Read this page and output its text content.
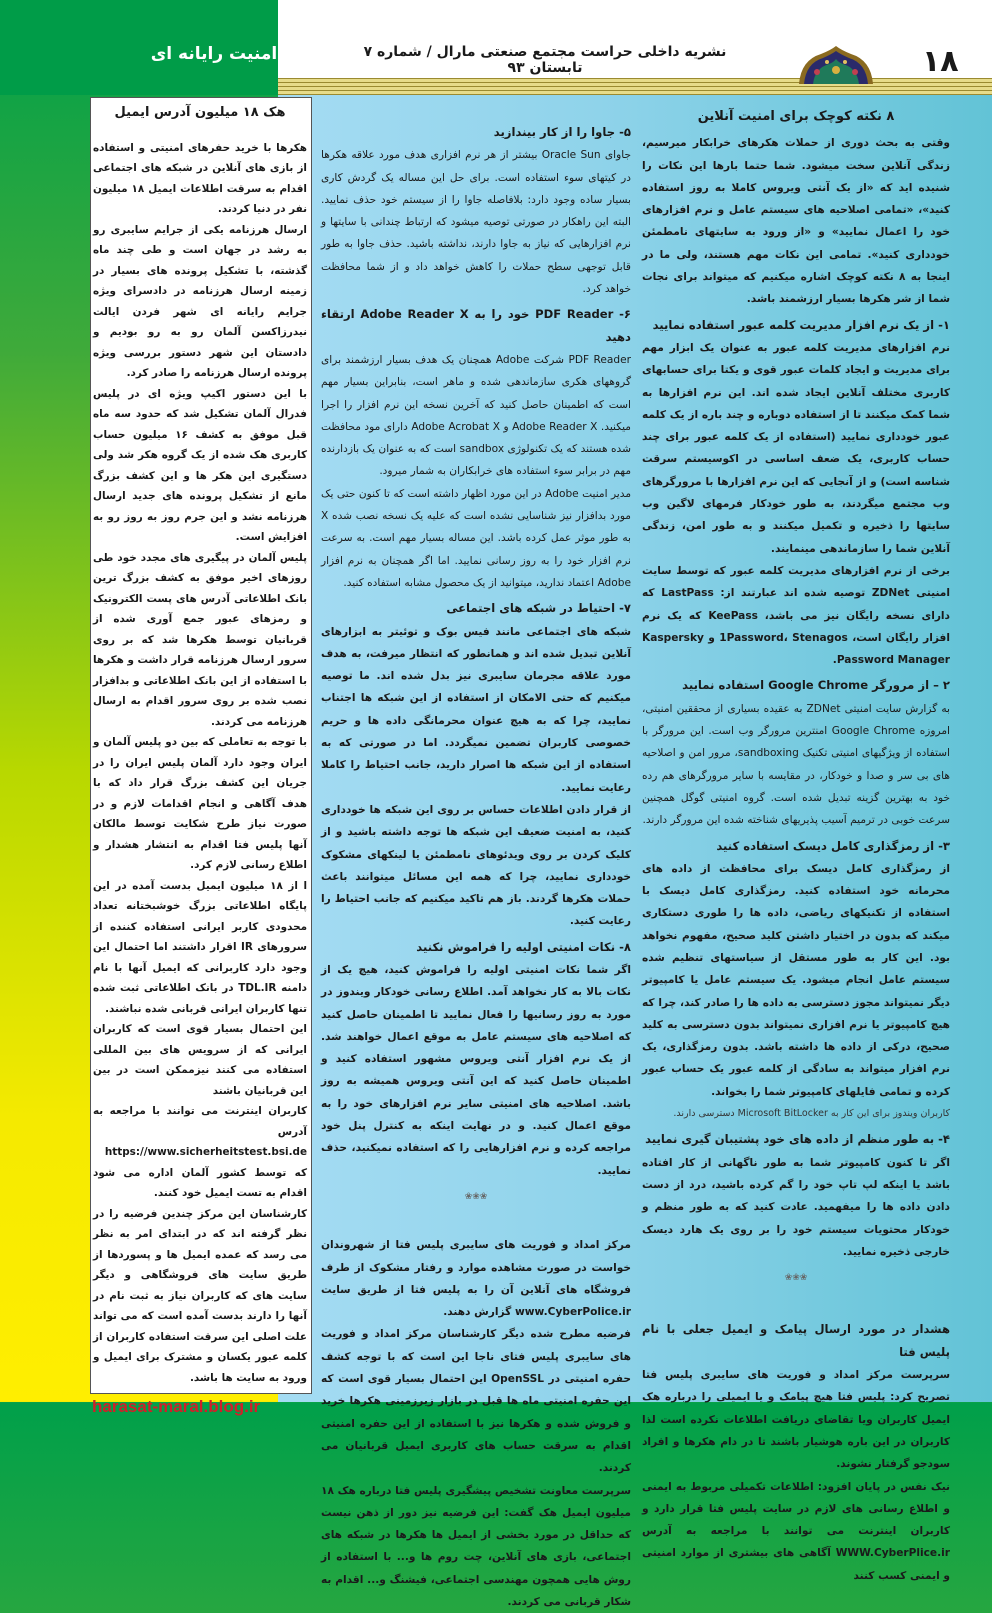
امنیت رایانه ای	نشریه داخلی حراست مجتمع صنعتی مارال / شماره ۷ تابستان ۹۳	۱۸
هک ۱۸ میلیون آدرس ایمیل
هکرها با خرید حفرهای امنیتی و استفاده از بازی های آنلاین در شبکه های اجتماعی اقدام به سرقت اطلاعات ایمیل ۱۸ میلیون نفر در دنیا کردند.
ارسال هرزنامه یکی از جرایم سایبری رو به رشد در جهان است و طی چند ماه گذشته، با تشکیل پرونده های بسیار در زمینه ارسال هرزنامه در دادسرای ویژه جرایم رایانه ای شهر فردن ایالت نیدرزاکسن آلمان رو به رو بودیم و دادستان این شهر دستور بررسی ویژه پرونده ارسال هرزنامه را صادر کرد.
با این دستور اکیپ ویژه ای در پلیس فدرال آلمان تشکیل شد که حدود سه ماه قبل موفق به کشف ۱۶ میلیون حساب کاربری هک شده از یک گروه هکر شد ولی دستگیری این هکر ها و این کشف بزرگ مانع از تشکیل پرونده های جدید ارسال هرزنامه نشد و این جرم روز به روز رو به افزایش است.
پلیس آلمان در پیگیری های مجدد خود طی روزهای اخیر موفق به کشف بزرگ ترین بانک اطلاعاتی آدرس های پست الکترونیک و رمزهای عبور جمع آوری شده از قربانیان توسط هکرها شد که بر روی سرور ارسال هرزنامه قرار داشت و هکرها با استفاده از این بانک اطلاعاتی و بدافزار نصب شده بر روی سرور اقدام به ارسال هرزنامه می کردند.
با توجه به تعاملی که بین دو پلیس آلمان و ایران وجود دارد آلمان پلیس ایران را در جریان این کشف بزرگ قرار داد که با هدف آگاهی و انجام اقدامات لازم و در صورت نیاز طرح شکایت توسط مالکان آنها پلیس فتا اقدام به انتشار هشدار و اطلاع رسانی لازم کرد.
ا از ۱۸ میلیون ایمیل بدست آمده در این پایگاه اطلاعاتی بزرگ خوشبختانه تعداد محدودی کاربر ایرانی استفاده کننده از سرورهای IR اقرار داشتند اما احتمال این وجود دارد کاربرانی که ایمیل آنها با نام دامنه TDL.IR در بانک اطلاعاتی ثبت شده تنها کاربران ایرانی قربانی شده نباشند.
این احتمال بسیار قوی است که کاربران ایرانی که از سرویس های بین المللی استفاده می کنند نیزممکن است در بین این قربانیان باشند
کاربران اینترنت می توانند با مراجعه به آدرس https://www.sicherheitstest.bsi.de که توسط کشور آلمان اداره می شود اقدام به تست ایمیل خود کنند.
کارشناسان این مرکز چندین فرضیه را در نظر گرفته اند که در ابتدای امر به نظر می رسد که عمده ایمیل ها و پسوردها از طریق سایت های فروشگاهی و دیگر سایت های که کاربران نیاز به ثبت نام در آنها را دارند بدست آمده است که می تواند علت اصلی این سرقت استفاده کاربران از کلمه عبور یکسان و مشترک برای ایمیل و ورود به سایت ها باشد.
۵- جاوا را از کار بیندازید
جاوای Oracle Sun بیشتر از هر نرم افزاری هدف مورد علاقه هکرها در کیتهای سوء استفاده است. برای حل این مساله یک گردش کاری بسیار ساده وجود دارد: بلافاصله جاوا را از سیستم خود حذف نمایید. البته این راهکار در صورتی توصیه میشود که ارتباط چندانی با سایتها و نرم افزارهایی که نیاز به جاوا دارند، نداشته باشید. حذف جاوا به طور قابل توجهی سطح حملات را کاهش خواهد داد و از شما محافظت خواهد کرد.
۶- PDF Reader خود را به Adobe Reader X ارتقاء دهید
PDF Reader شرکت Adobe همچنان یک هدف بسیار ارزشمند برای گروههای هکری سازماندهی شده و ماهر است، بنابراین بسیار مهم است که اطمینان حاصل کنید که آخرین نسخه این نرم افزار را اجرا میکنید. Adobe Reader X و Adobe Acrobat X دارای مود محافظت شده هستند که یک تکنولوژی sandbox است که به عنوان یک بازدارنده مهم در برابر سوء استفاده های خرابکاران به شمار میرود.
مدیر امنیت Adobe در این مورد اظهار داشته است که تا کنون حتی یک مورد بدافزار نیز شناسایی نشده است که علیه یک نسخه نصب شده X به طور موثر عمل کرده باشد. این مساله بسیار مهم است. به سرعت نرم افزار خود را به روز رسانی نمایید. اما اگر همچنان به نرم افزار Adobe اعتماد ندارید، میتوانید از یک محصول مشابه استفاده کنید.
۷- احتیاط در شبکه های اجتماعی
شبکه های اجتماعی مانند فیس بوک و توئیتر به ابزارهای آنلاین تبدیل شده اند و همانطور که انتظار میرفت، به هدف مورد علاقه مجرمان سایبری نیز بدل شده اند. ما توصیه میکنیم که حتی الامکان از استفاده از این شبکه ها اجتناب نمایید، چرا که به هیچ عنوان محرمانگی داده ها و حریم خصوصی کاربران تضمین نمیگردد. اما در صورتی که به استفاده از این شبکه ها اصرار دارید، جانب احتیاط را کاملا رعایت نمایید.
از قرار دادن اطلاعات حساس بر روی این شبکه ها خودداری کنید، به امنیت ضعیف این شبکه ها توجه داشته باشید و از کلیک کردن بر روی ویدئوهای نامطمئن یا لینکهای مشکوک خودداری نمایید، چرا که همه این مسائل میتوانند باعث حملات هکرها گردند. باز هم تاکید میکنیم که جانب احتیاط را رعایت کنید.
۸- نکات امنیتی اولیه را فراموش نکنید
اگر شما نکات امنیتی اولیه را فراموش کنید، هیچ یک از نکات بالا به کار نخواهد آمد. اطلاع رسانی خودکار ویندوز در مورد به روز رسانیها را فعال نمایید تا اطمینان حاصل کنید که اصلاحیه های سیستم عامل به موقع اعمال خواهند شد. از یک نرم افزار آنتی ویروس مشهور استفاده کنید و اطمینان حاصل کنید که این آنتی ویروس همیشه به روز باشد. اصلاحیه های امنیتی سایر نرم افزارهای خود را به موقع اعمال کنید. و در نهایت اینکه به کنترل پنل خود مراجعه کرده و نرم افزارهایی را که استفاده نمیکنید، حذف نمایید.
❀❀❀
مرکز امداد و فوریت های سایبری پلیس فتا از شهروندان خواست در صورت مشاهده موارد و رفتار مشکوک از طرف فروشگاه های آنلاین آن را به پلیس فتا از طریق سایت www.CyberPolice.ir گزارش دهند.
فرضیه مطرح شده دیگر کارشناسان مرکز امداد و فوریت های سایبری پلیس فتای ناجا این است که با توجه کشف حفره امنیتی در OpenSSL این احتمال بسیار قوی است که این حفره امنیتی ماه ها قبل در بازار زیرزمینی هکرها خرید و فروش شده و هکرها نیز با استفاده از این حفره امنیتی اقدام به سرقت حساب های کاربری ایمیل قربانیان می کردند.
سرپرست معاونت تشخیص پیشگیری پلیس فتا درباره هک ۱۸ میلیون ایمیل هک گفت: این فرضیه نیز دور از ذهن نیست که حداقل در مورد بخشی از ایمیل ها هکرها در شبکه های اجتماعی، بازی های آنلاین، چت روم ها و... با استفاده از روش هایی همچون مهندسی اجتماعی، فیشنگ و... اقدام به شکار قربانی می کردند.
۸ نکته کوچک برای امنیت آنلاین
وقتی به بحث دوری از حملات هکرهای خرابکار میرسیم، زندگی آنلاین سخت میشود. شما حتما بارها این نکات را شنیده اید که «از یک آنتی ویروس کاملا به روز استفاده کنید»، «تمامی اصلاحیه های سیستم عامل و نرم افزارهای خود را اعمال نمایید» و «از ورود به سایتهای نامطمئن خودداری کنید». تمامی این نکات مهم هستند، ولی ما در اینجا به ۸ نکته کوچک اشاره میکنیم که میتواند برای نجات شما از شر هکرها بسیار ارزشمند باشد.
۱- از یک نرم افزار مدیریت کلمه عبور استفاده نمایید
نرم افزارهای مدیریت کلمه عبور به عنوان یک ابزار مهم برای مدیریت و ایجاد کلمات عبور قوی و یکتا برای حسابهای کاربری مختلف آنلاین ایجاد شده اند. این نرم افزارها به شما کمک میکنند تا از استفاده دوباره و چند باره از یک کلمه عبور خودداری نمایید (استفاده از یک کلمه عبور برای چند حساب کاربری، یک ضعف اساسی در اکوسیستم سرقت شناسه است) و از آنجایی که این نرم افزارها با مرورگرهای وب مجتمع میگردند، به طور خودکار فرمهای لاگین وب سایتها را ذخیره و تکمیل میکنند و به طور امن، زندگی آنلاین شما را سازماندهی مینمایند.
برخی از نرم افزارهای مدیریت کلمه عبور که توسط سایت امنیتی ZDNet توصیه شده اند عبارتند از: LastPass که دارای نسخه رایگان نیز می باشد، KeePass که یک نرم افزار رایگان است، 1Password، Stenagos و Kaspersky Password Manager.
۲ – از مرورگر Google Chrome استفاده نمایید
به گزارش سایت امنیتی ZDNet به عقیده بسیاری از محققین امنیتی، امروزه Google Chrome امنترین مرورگر وب است. این مرورگر با استفاده از ویژگیهای امنیتی تکنیک sandboxing، مرور امن و اصلاحیه های بی سر و صدا و خودکار، در مقایسه با سایر مرورگرهای هم رده خود به بهترین گزینه تبدیل شده است. گروه امنیتی گوگل همچنین سرعت خوبی در ترمیم آسیب پذیریهای شناخته شده این مرورگر دارند.
۳- از رمزگذاری کامل دیسک استفاده کنید
از رمزگذاری کامل دیسک برای محافظت از داده های محرمانه خود استفاده کنید. رمزگذاری کامل دیسک با استفاده از تکنیکهای ریاضی، داده ها را طوری دستکاری میکند که بدون در اختیار داشتن کلید صحیح، مفهوم نخواهد بود. این کار به طور مستقل از سیاستهای تنظیم شده سیستم عامل انجام میشود. یک سیستم عامل یا کامپیوتر دیگر نمیتواند مجوز دسترسی به داده ها را صادر کند، چرا که هیچ کامپیوتر یا نرم افزاری نمیتواند بدون دسترسی به کلید صحیح، درکی از داده ها داشته باشد. بدون رمزگذاری، یک نرم افزار میتواند به سادگی از کلمه عبور یک حساب عبور کرده و تمامی فایلهای کامپیوتر شما را بخواند.
کاربران ویندوز برای این کار به Microsoft BitLocker دسترسی دارند.
۴- به طور منظم از داده های خود پشتیبان گیری نمایید
اگر تا کنون کامپیوتر شما به طور ناگهانی از کار افتاده باشد یا اینکه لپ تاپ خود را گم کرده باشید، درد از دست دادن داده ها را میفهمید. عادت کنید که به طور منظم و خودکار محتویات سیستم خود را بر روی یک هارد دیسک خارجی ذخیره نمایید.
❀❀❀
هشدار در مورد ارسال پیامک و ایمیل جعلی با نام پلیس فتا
سرپرست مرکز امداد و فوریت های سایبری پلیس فتا تصریح کرد: پلیس فتا هیچ پیامک و یا ایمیلی را درباره هک ایمیل کاربران ویا تقاضای دریافت اطلاعات نکرده است لذا کاربران در این باره هوشیار باشند تا در دام هکرها و افراد سودجو گرفتار نشوند.
نیک نفس در پایان افزود: اطلاعات تکمیلی مربوط به ایمنی و اطلاع رسانی های لازم در سایت پلیس فتا قرار دارد و کاربران اینترنت می توانند با مراجعه به آدرس WWW.CyberPlice.ir آگاهی های بیشتری از موارد امنیتی و ایمنی کسب کنند
harasat-maral.blog.ir
